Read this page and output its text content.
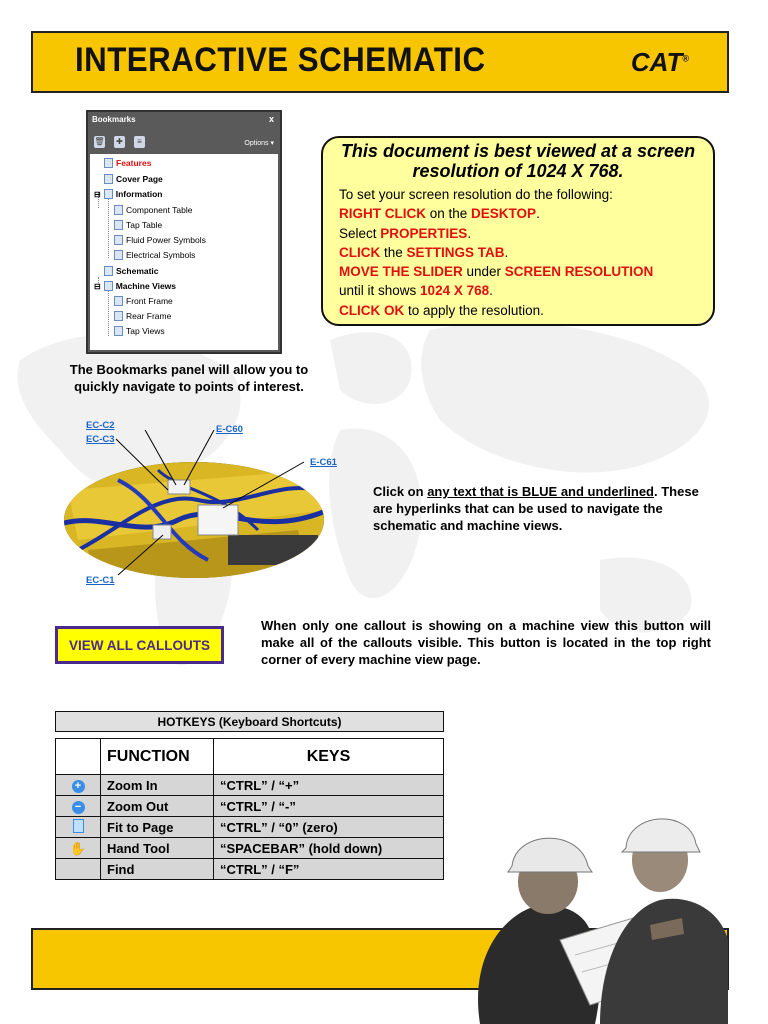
INTERACTIVE SCHEMATIC	CAT®
Bookmarks	x
🗑 ✚	≡	Options ▾
Features
Cover Page
⊟ Information
Component Table
Tap Table
Fluid Power Symbols
Electrical Symbols
Schematic
⊟ Machine Views
Front Frame
Rear Frame
Tap Views
The Bookmarks panel will allow you to quickly navigate to points of interest.
This document is best viewed at a screen resolution of 1024 X 768.
To set your screen resolution do the following:
RIGHT CLICK on the DESKTOP.
Select PROPERTIES.
CLICK the SETTINGS TAB.
MOVE THE SLIDER under SCREEN RESOLUTION
until it shows 1024 X 768.
CLICK OK to apply the resolution.
EC-C2
EC-C3
E-C60
E-C61
EC-C1
Click on any text that is BLUE and underlined. These are hyperlinks that can be used to navigate the schematic and machine views.
VIEW ALL CALLOUTS
When only one callout is showing on a machine view this button will make all of the callouts visible. This button is located in the top right corner of every machine view page.
HOTKEYS (Keyboard Shortcuts)
	FUNCTION	KEYS
+	Zoom In	“CTRL” / “+”
−	Zoom Out	“CTRL” / “-”
	Fit to Page	“CTRL” / “0” (zero)
✋	Hand Tool	“SPACEBAR” (hold down)
	Find	“CTRL” / “F”
